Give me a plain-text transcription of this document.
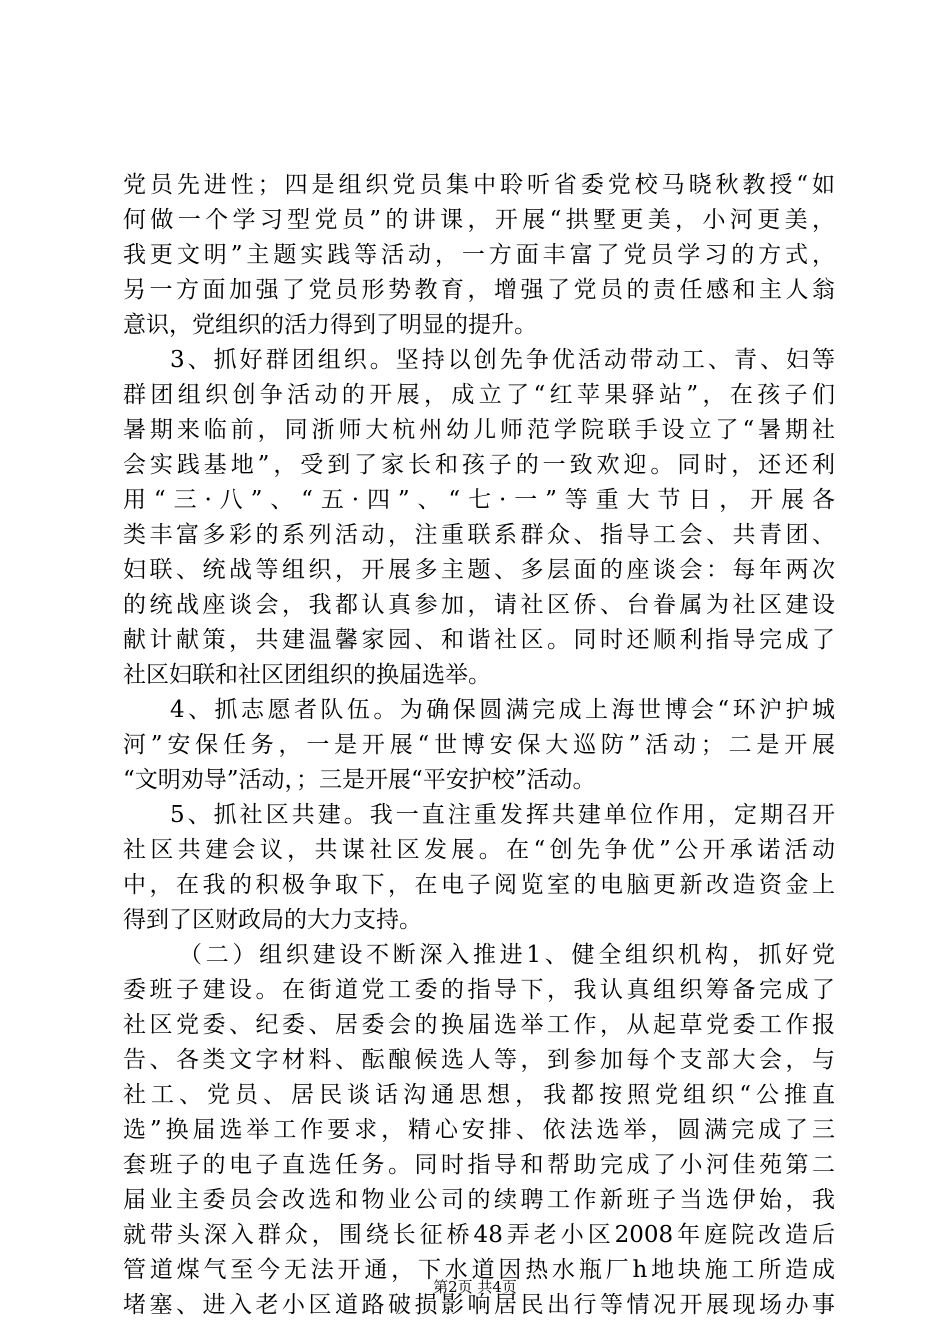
党员先进性；四是组织党员集中聆听省委党校马晓秋教授“如
何做一个学习型党员”的讲课，开展“拱墅更美，小河更美，
我更文明”主题实践等活动，一方面丰富了党员学习的方式，
另一方面加强了党员形势教育，增强了党员的责任感和主人翁
意识，党组织的活力得到了明显的提升。
3、抓好群团组织。坚持以创先争优活动带动工、青、妇等
群团组织创争活动的开展，成立了“红苹果驿站”，在孩子们
暑期来临前，同浙师大杭州幼儿师范学院联手设立了“暑期社
会实践基地”，受到了家长和孩子的一致欢迎。同时，还还利
用“三·八”、“五·四”、“七·一”等重大节日，开展各
类丰富多彩的系列活动，注重联系群众、指导工会、共青团、
妇联、统战等组织，开展多主题、多层面的座谈会：每年两次
的统战座谈会，我都认真参加，请社区侨、台眷属为社区建设
献计献策，共建温馨家园、和谐社区。同时还顺利指导完成了
社区妇联和社区团组织的换届选举。
4、抓志愿者队伍。为确保圆满完成上海世博会“环沪护城
河”安保任务，一是开展“世博安保大巡防”活动；二是开展
“文明劝导”活动，；三是开展“平安护校”活动。
5、抓社区共建。我一直注重发挥共建单位作用，定期召开
社区共建会议，共谋社区发展。在“创先争优”公开承诺活动
中，在我的积极争取下，在电子阅览室的电脑更新改造资金上
得到了区财政局的大力支持。
（二）组织建设不断深入推进1、健全组织机构，抓好党
委班子建设。在街道党工委的指导下，我认真组织筹备完成了
社区党委、纪委、居委会的换届选举工作，从起草党委工作报
告、各类文字材料、酝酿候选人等，到参加每个支部大会，与
社工、党员、居民谈话沟通思想，我都按照党组织“公推直
选”换届选举工作要求，精心安排、依法选举，圆满完成了三
套班子的电子直选任务。同时指导和帮助完成了小河佳苑第二
届业主委员会改选和物业公司的续聘工作新班子当选伊始，我
就带头深入群众，围绕长征桥48弄老小区2008年庭院改造后
管道煤气至今无法开通，下水道因热水瓶厂h地块施工所造成
堵塞、进入老小区道路破损影响居民出行等情况开展现场办事
第2页 共4页
